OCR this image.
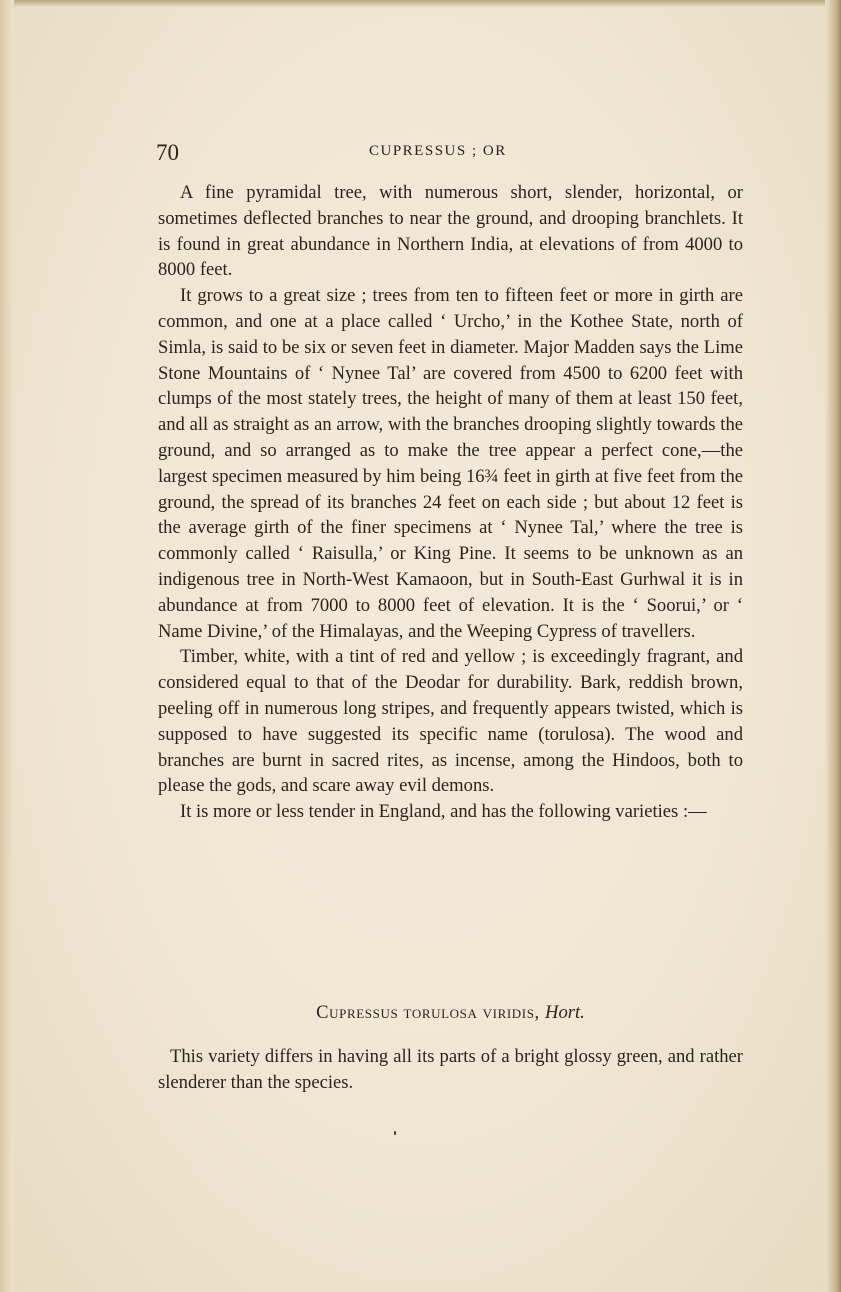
70	CUPRESSUS ; OR

A fine pyramidal tree, with numerous short, slender, horizontal, or sometimes deflected branches to near the ground, and drooping branchlets. It is found in great abundance in Northern India, at elevations of from 4000 to 8000 feet.

It grows to a great size ; trees from ten to fifteen feet or more in girth are common, and one at a place called ‘ Urcho,’ in the Kothee State, north of Simla, is said to be six or seven feet in diameter. Major Madden says the Lime Stone Mountains of ‘ Nynee Tal’ are covered from 4500 to 6200 feet with clumps of the most stately trees, the height of many of them at least 150 feet, and all as straight as an arrow, with the branches drooping slightly towards the ground, and so arranged as to make the tree appear a perfect cone,—the largest specimen measured by him being 16¾ feet in girth at five feet from the ground, the spread of its branches 24 feet on each side ; but about 12 feet is the average girth of the finer specimens at ‘ Nynee Tal,’ where the tree is commonly called ‘ Raisulla,’ or King Pine. It seems to be unknown as an indigenous tree in North-West Kamaoon, but in South-East Gurhwal it is in abundance at from 7000 to 8000 feet of elevation. It is the ‘ Soorui,’ or ‘ Name Divine,’ of the Himalayas, and the Weeping Cypress of travellers.

Timber, white, with a tint of red and yellow ; is exceedingly fragrant, and considered equal to that of the Deodar for durability. Bark, reddish brown, peeling off in numerous long stripes, and frequently appears twisted, which is supposed to have suggested its specific name (torulosa). The wood and branches are burnt in sacred rites, as incense, among the Hindoos, both to please the gods, and scare away evil demons.

It is more or less tender in England, and has the following varieties :—

Cupressus torulosa viridis, Hort.

This variety differs in having all its parts of a bright glossy green, and rather slenderer than the species.
